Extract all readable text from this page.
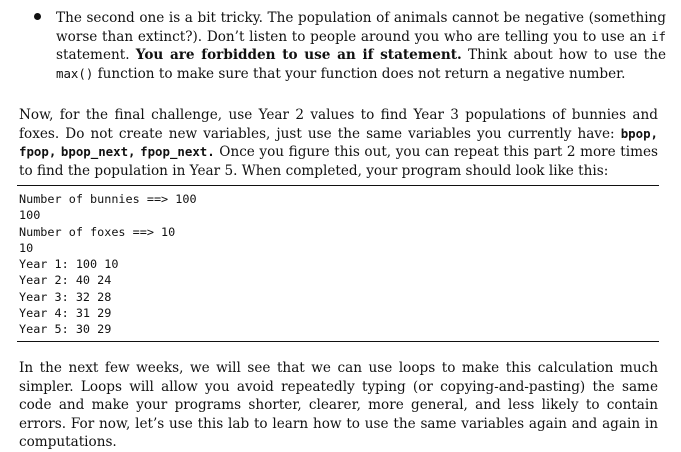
The second one is a bit tricky. The population of animals cannot be negative (something worse than extinct?). Don’t listen to people around you who are telling you to use an if statement. You are forbidden to use an if statement. Think about how to use the max() function to make sure that your function does not return a negative number.
Now, for the final challenge, use Year 2 values to find Year 3 populations of bunnies and foxes. Do not create new variables, just use the same variables you currently have: bpop, fpop, bpop_next, fpop_next. Once you figure this out, you can repeat this part 2 more times to find the population in Year 5. When completed, your program should look like this:
Number of bunnies ==> 100
100
Number of foxes ==> 10
10
Year 1: 100 10
Year 2: 40 24
Year 3: 32 28
Year 4: 31 29
Year 5: 30 29
In the next few weeks, we will see that we can use loops to make this calculation much simpler. Loops will allow you avoid repeatedly typing (or copying-and-pasting) the same code and make your programs shorter, clearer, more general, and less likely to contain errors. For now, let’s use this lab to learn how to use the same variables again and again in computations.
